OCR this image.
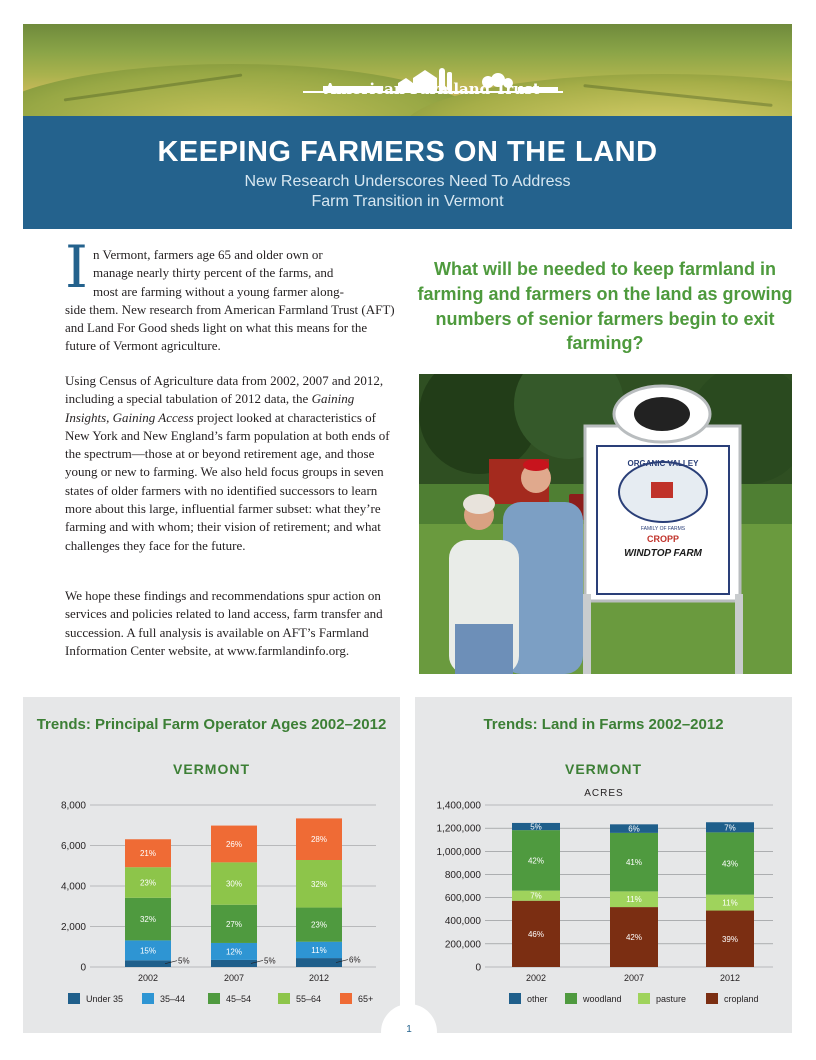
American Farmland Trust
KEEPING FARMERS ON THE LAND
New Research Underscores Need To Address
Farm Transition in Vermont
I n Vermont, farmers age 65 and older own or
manage nearly thirty percent of the farms, and
most are farming without a young farmer along-
side them. New research from American Farmland Trust (AFT) and Land For Good sheds light on what this means for the future of Vermont agriculture.
Using Census of Agriculture data from 2002, 2007 and 2012, including a special tabulation of 2012 data, the Gaining Insights, Gaining Access project looked at characteristics of New York and New England’s farm population at both ends of the spectrum—those at or beyond retirement age, and those young or new to farming. We also held focus groups in seven states of older farmers with no identified successors to learn more about this large, influential farmer subset: what they’re farming and with whom; their vision of retirement; and what challenges they face for the future.
We hope these findings and recommendations spur action on services and policies related to land access, farm transfer and succession. A full analysis is available on AFT’s Farmland Information Center website, at www.farmlandinfo.org.
What will be needed to keep farmland in farming and farmers on the land as growing numbers of senior farmers begin to exit farming?
ORGANIC VALLEY
FAMILY OF FARMS
CROPP
WINDTOP FARM
Trends: Principal Farm Operator Ages 2002–2012
VERMONT
0
2,000
4,000
6,000
8,000
5%
15%
32%
23%
21%
2002
5%
12%
27%
30%
26%
2007
6%
11%
23%
32%
28%
2012
Under 35	35–44	45–54	55–64	65+
Trends: Land in Farms 2002–2012
VERMONT
0
200,000
400,000
600,000
800,000
1,000,000
1,200,000
1,400,000
ACRES
46%
7%
42%
5%
2002
42%
11%
41%
6%
2007
39%
11%
43%
7%
2012
other	woodland	pasture	cropland
1
